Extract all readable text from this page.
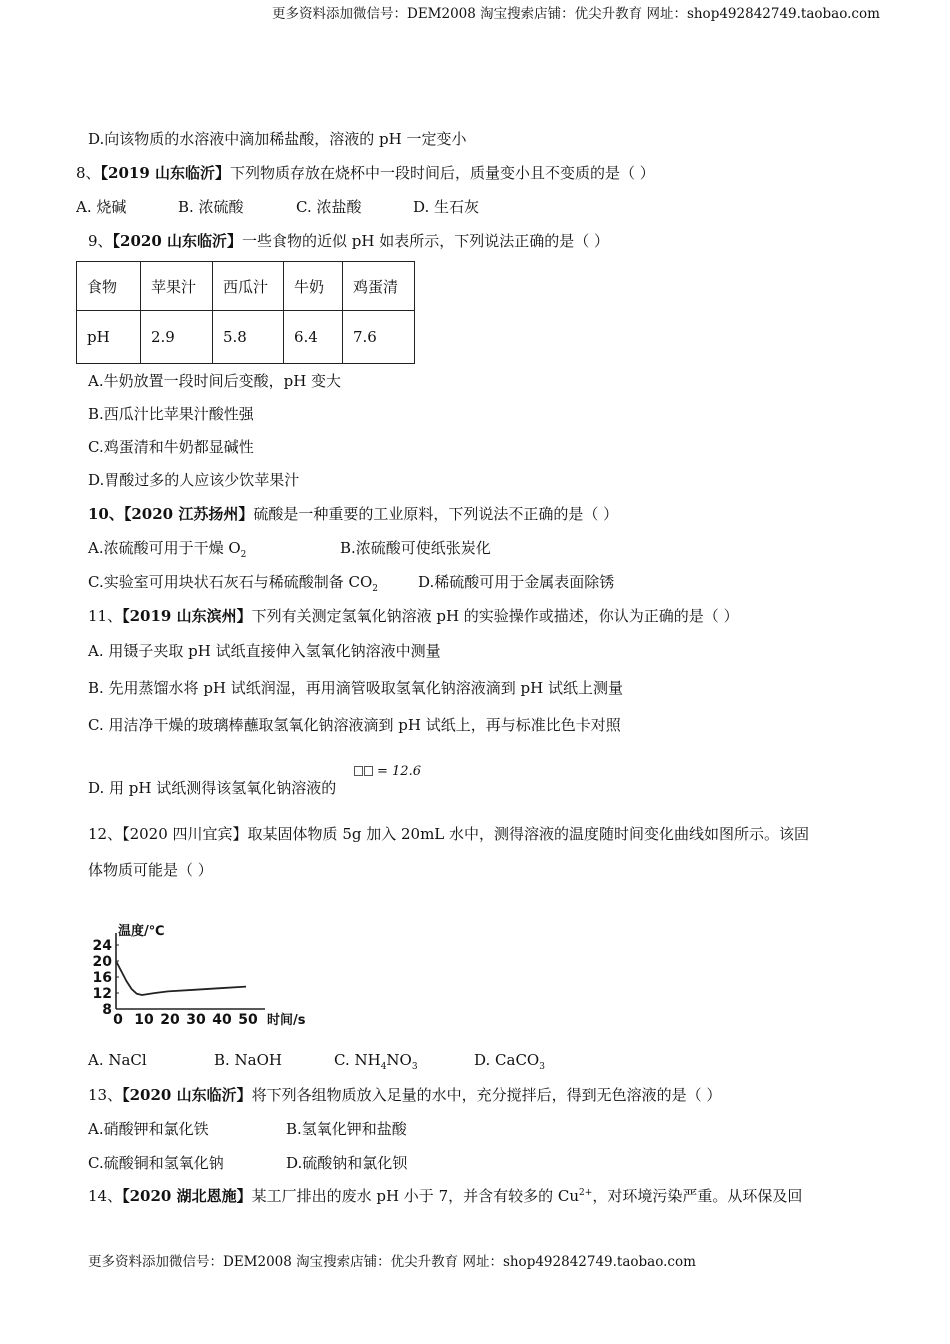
更多资料添加微信号：DEM2008 淘宝搜索店铺：优尖升教育 网址：shop492842749.taobao.com
D.向该物质的水溶液中滴加稀盐酸，溶液的 pH 一定变小
8、【2019 山东临沂】下列物质存放在烧杯中一段时间后，质量变小且不变质的是（ ）
A. 烧碱	B. 浓硫酸	C. 浓盐酸	D. 生石灰
9、【2020 山东临沂】一些食物的近似 pH 如表所示，下列说法正确的是（ ）
食物	苹果汁	西瓜汁	牛奶	鸡蛋清
pH	2.9	5.8	6.4	7.6
A.牛奶放置一段时间后变酸，pH 变大
B.西瓜汁比苹果汁酸性强
C.鸡蛋清和牛奶都显碱性
D.胃酸过多的人应该少饮苹果汁
10、【2020 江苏扬州】硫酸是一种重要的工业原料，下列说法不正确的是（ ）
A.浓硫酸可用于干燥 $O_2$	B.浓硫酸可使纸张炭化
C.实验室可用块状石灰石与稀硫酸制备 $CO_2$	D.稀硫酸可用于金属表面除锈
11、【2019 山东滨州】下列有关测定氢氧化钠溶液 pH 的实验操作或描述，你认为正确的是（ ）
A. 用镊子夹取 pH 试纸直接伸入氢氧化钠溶液中测量
B. 先用蒸馏水将 pH 试纸润湿，再用滴管吸取氢氧化钠溶液滴到 pH 试纸上测量
C. 用洁净干燥的玻璃棒蘸取氢氧化钠溶液滴到 pH 试纸上，再与标准比色卡对照
D. 用 pH 试纸测得该氢氧化钠溶液的
= 12.6
12、【2020 四川宜宾】取某固体物质 5g 加入 20mL 水中，测得溶液的温度随时间变化曲线如图所示。该固
体物质可能是（ ）
8
12
16
20
24
0 10 20 30 40 50
温度/℃
时间/s
A. NaCl	B. NaOH	C. $NH_4NO_3$	D. CaCO$_3$
13、【2020 山东临沂】将下列各组物质放入足量的水中，充分搅拌后，得到无色溶液的是（ ）
A.硝酸钾和氯化铁	B.氢氧化钾和盐酸
C.硫酸铜和氢氧化钠	D.硫酸钠和氯化钡
14、【2020 湖北恩施】某工厂排出的废水 pH 小于 7，并含有较多的 $Cu^{2+}$，对环境污染严重。从环保及回
更多资料添加微信号：DEM2008 淘宝搜索店铺：优尖升教育 网址：shop492842749.taobao.com
